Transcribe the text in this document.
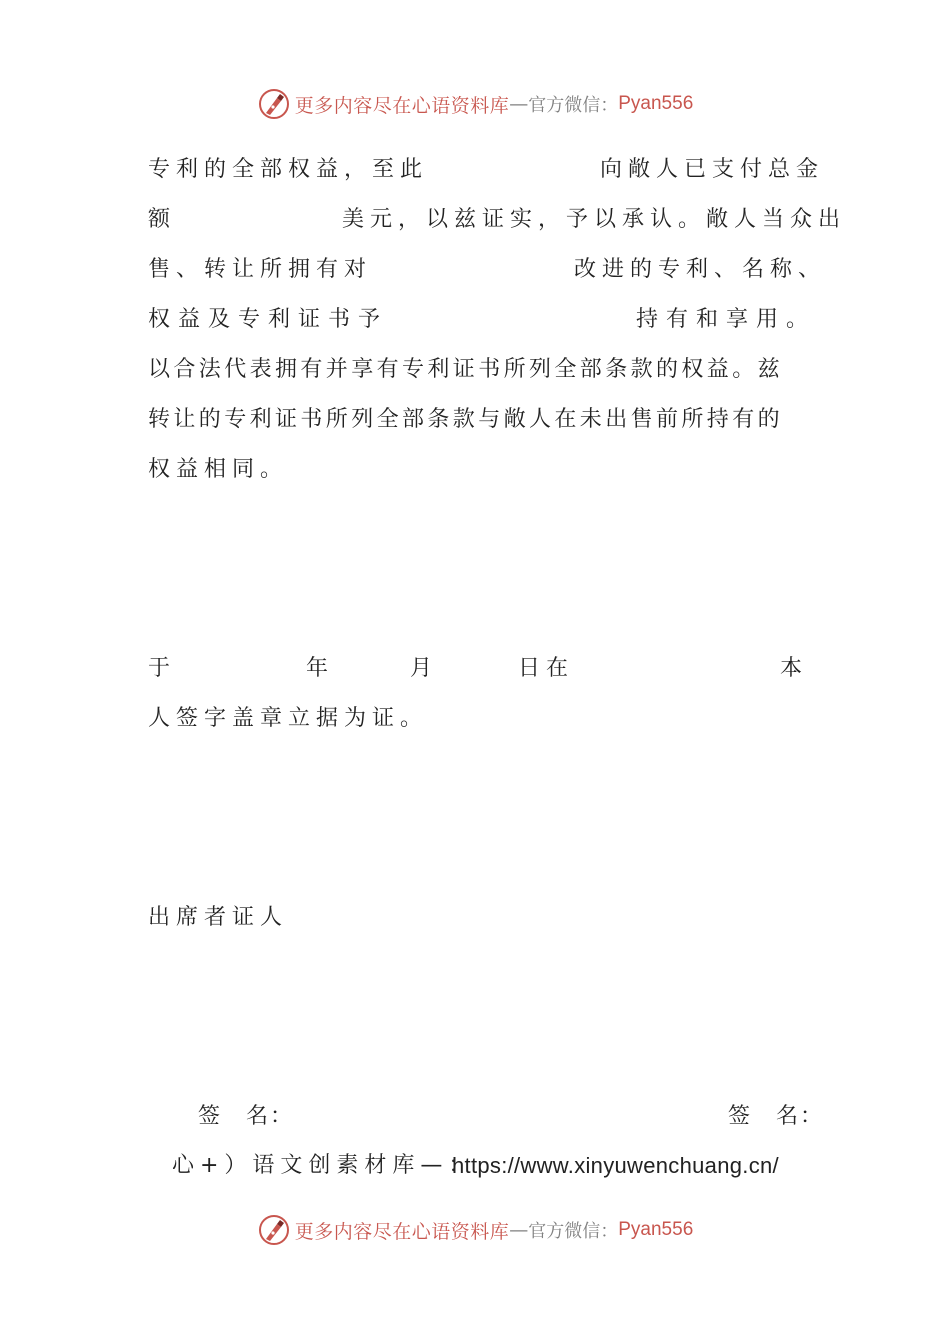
更多内容尽在心语资料库 — 官方微信： Pyan556
专利的全部权益，至此	向敞人已支付总金
额	美元，以兹证实，予以承认。敞人当众出
售、转让所拥有对	改进的专利、名称、
权益及专利证书予	持有和享用。
以合法代表拥有并享有专利证书所列全部条款的权益。兹
转让的专利证书所列全部条款与敞人在未出售前所持有的
权益相同。
于	年	月	日在	本
人签字盖章立据为证。
出席者证人
签　名：	签　名：
心+）语文创素材库—：
https://www.xinyuwenchuang.cn/
更多内容尽在心语资料库 — 官方微信： Pyan556
